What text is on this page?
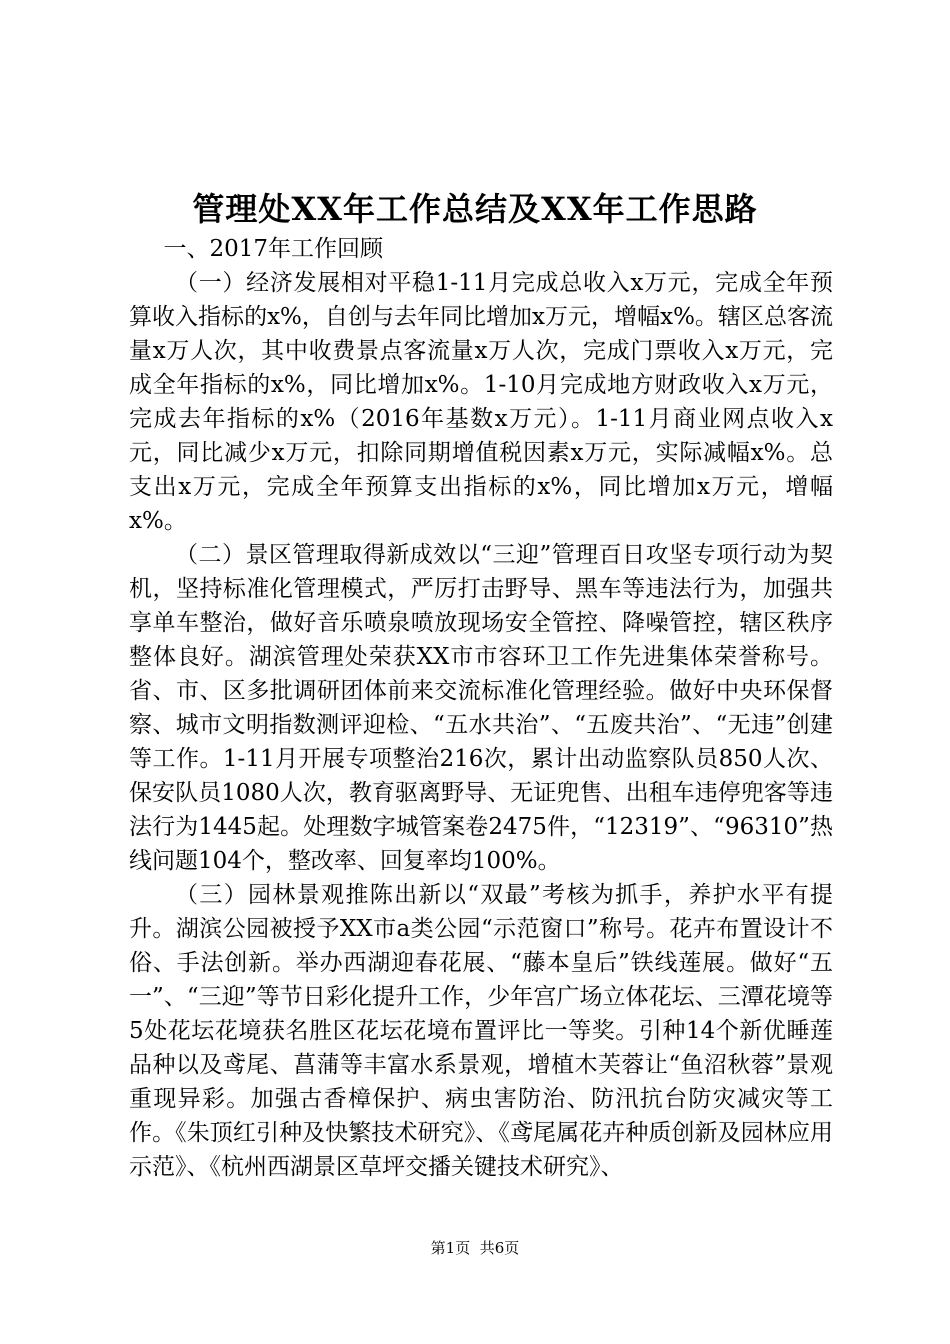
管理处XX年工作总结及XX年工作思路

一、2017年工作回顾

（一）经济发展相对平稳1-11月完成总收入x万元，完成全年预算收入指标的x%，自创与去年同比增加x万元，增幅x%。辖区总客流量x万人次，其中收费景点客流量x万人次，完成门票收入x万元，完成全年指标的x%，同比增加x%。1-10月完成地方财政收入x万元，完成去年指标的x%（2016年基数x万元）。1-11月商业网点收入x元，同比减少x万元，扣除同期增值税因素x万元，实际减幅x%。总支出x万元，完成全年预算支出指标的x%，同比增加x万元，增幅x%。

（二）景区管理取得新成效以“三迎”管理百日攻坚专项行动为契机，坚持标准化管理模式，严厉打击野导、黑车等违法行为，加强共享单车整治，做好音乐喷泉喷放现场安全管控、降噪管控，辖区秩序整体良好。湖滨管理处荣获XX市市容环卫工作先进集体荣誉称号。省、市、区多批调研团体前来交流标准化管理经验。做好中央环保督察、城市文明指数测评迎检、“五水共治”、“五废共治”、“无违”创建等工作。1-11月开展专项整治216次，累计出动监察队员850人次、保安队员1080人次，教育驱离野导、无证兜售、出租车违停兜客等违法行为1445起。处理数字城管案卷2475件，“12319”、“96310”热线问题104个，整改率、回复率均100%。

（三）园林景观推陈出新以“双最”考核为抓手，养护水平有提升。湖滨公园被授予XX市a类公园“示范窗口”称号。花卉布置设计不俗、手法创新。举办西湖迎春花展、“藤本皇后”铁线莲展。做好“五一”、“三迎”等节日彩化提升工作，少年宫广场立体花坛、三潭花境等5处花坛花境获名胜区花坛花境布置评比一等奖。引种14个新优睡莲品种以及鸢尾、菖蒲等丰富水系景观，增植木芙蓉让“鱼沼秋蓉”景观重现异彩。加强古香樟保护、病虫害防治、防汛抗台防灾减灾等工作。《朱顶红引种及快繁技术研究》、《鸢尾属花卉种质创新及园林应用示范》、《杭州西湖景区草坪交播关键技术研究》、

第1页 共6页
